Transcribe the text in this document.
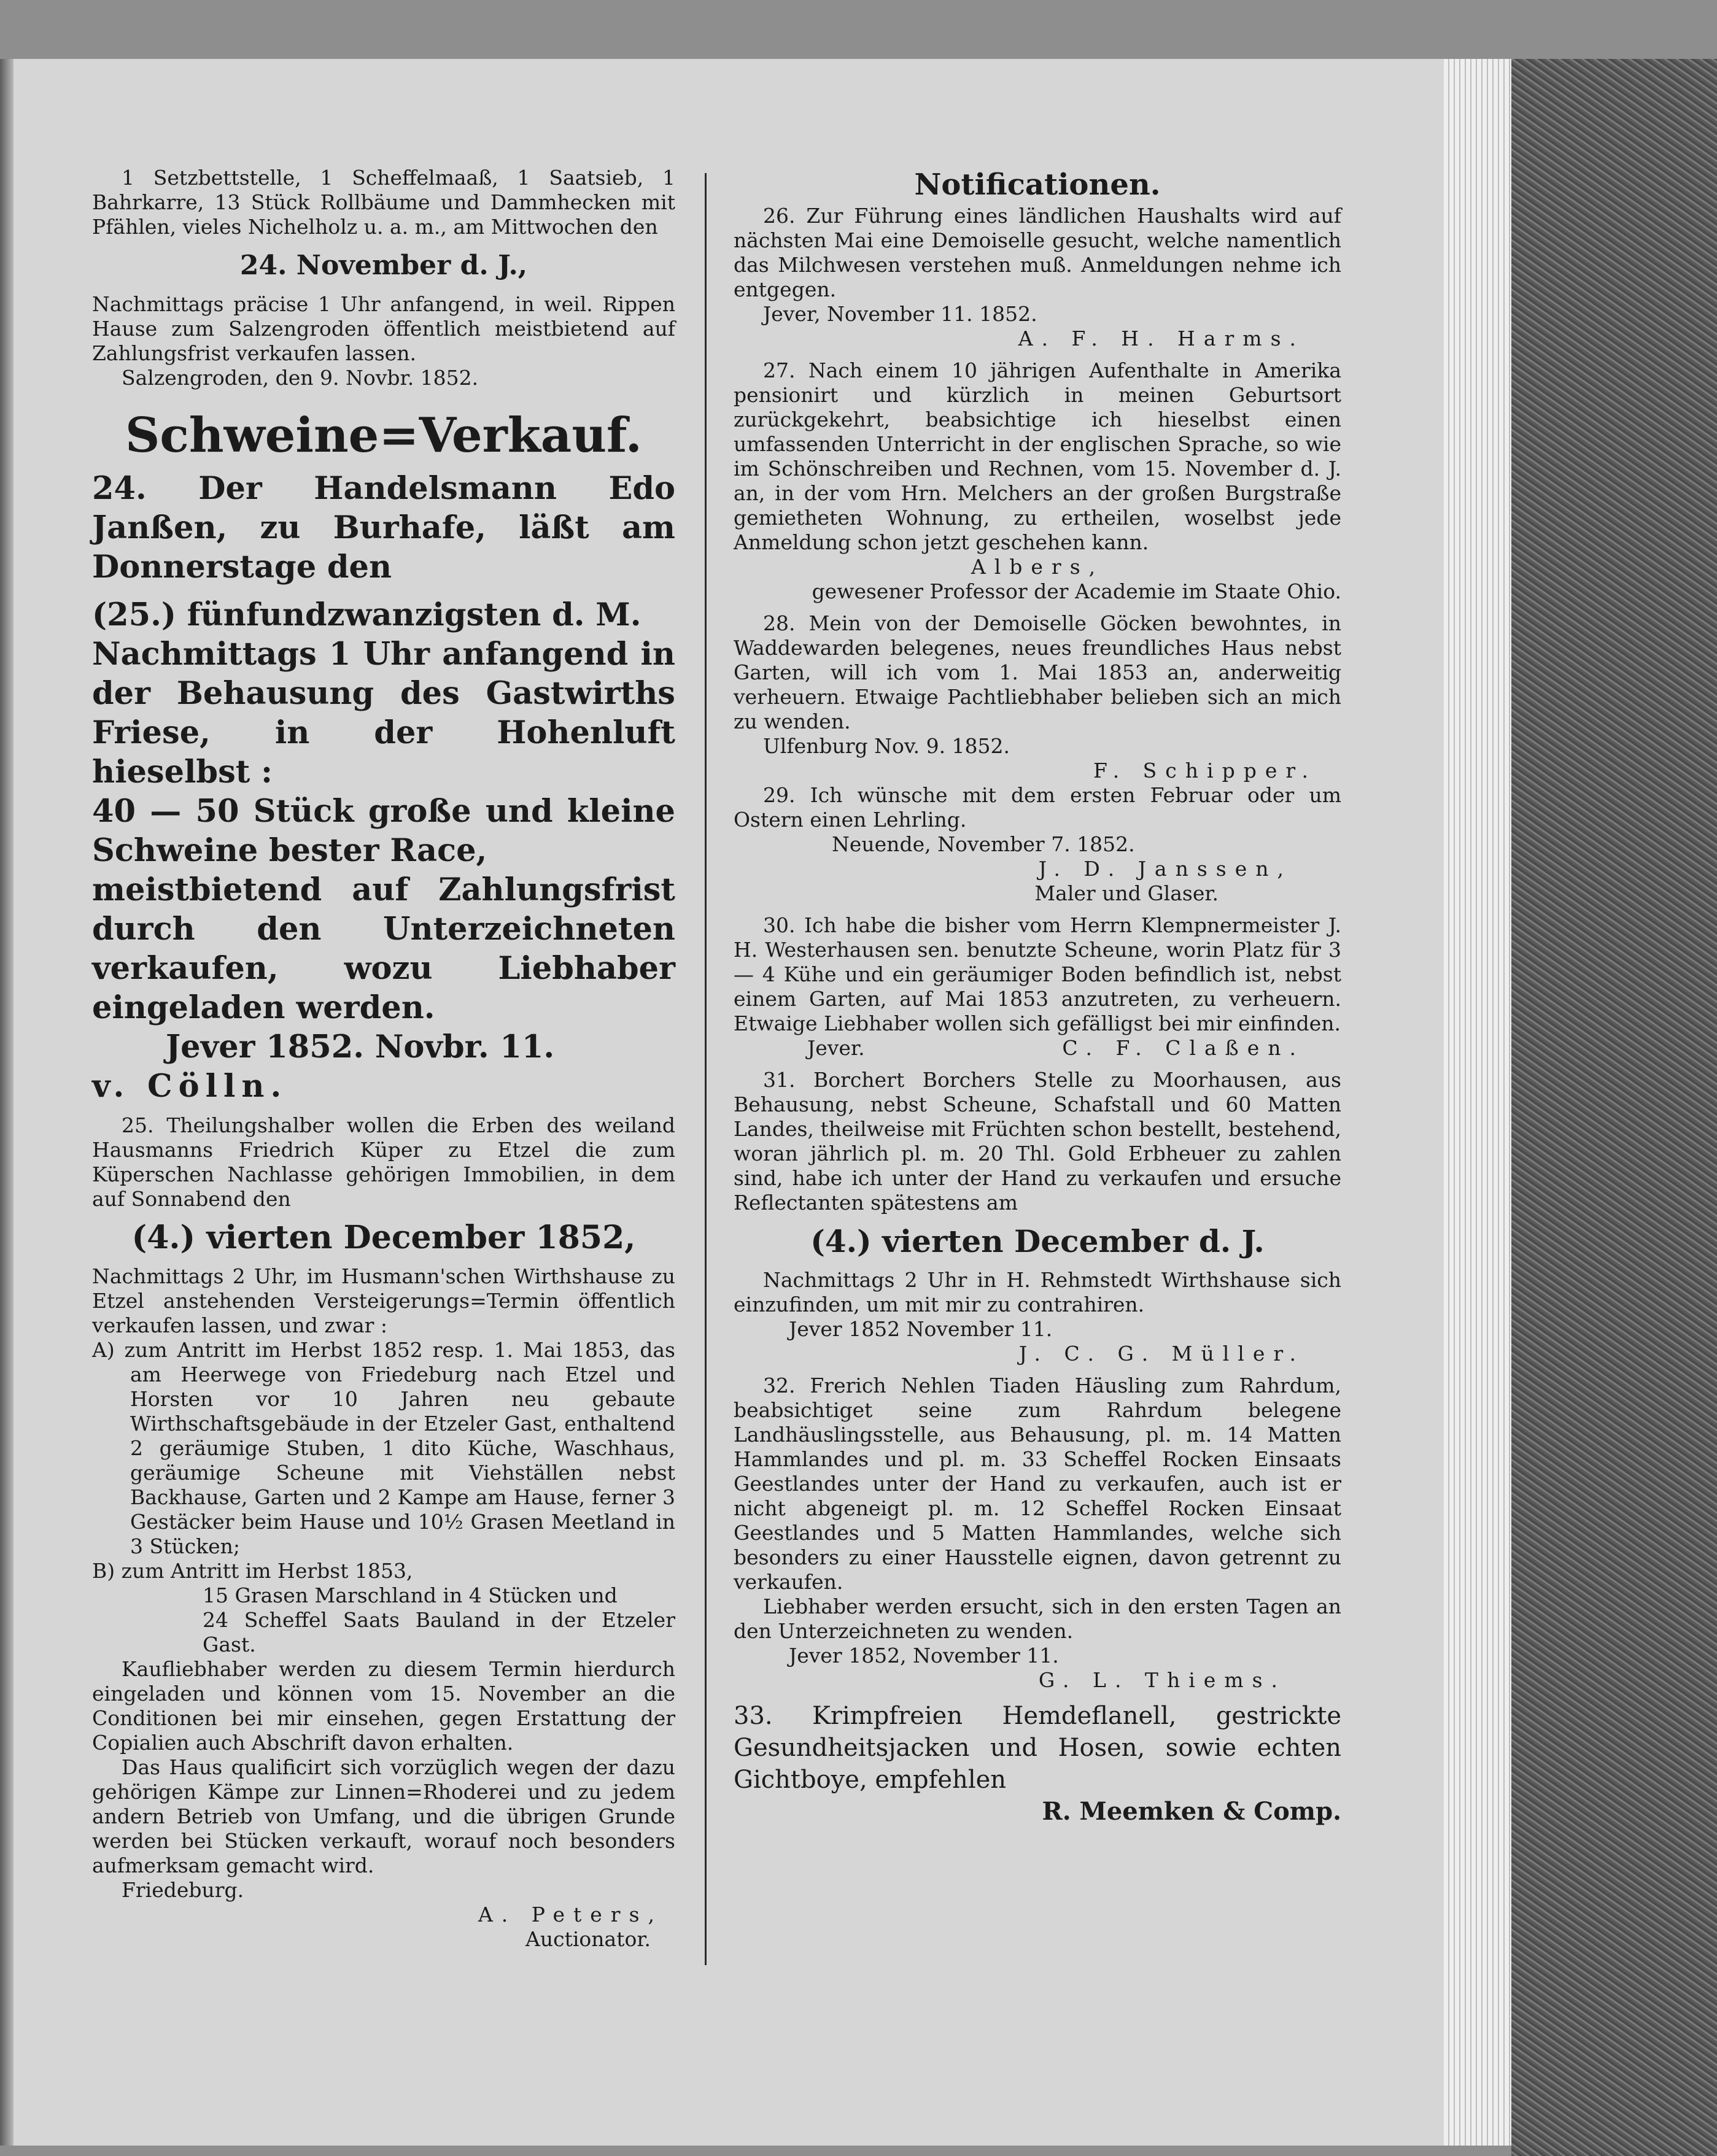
1 Setzbettstelle, 1 Scheffelmaaß, 1 Saatsieb, 1 Bahrkarre, 13 Stück Rollbäume und Dammhecken mit Pfählen, vieles Nichelholz u. a. m., am Mittwochen den

24. November d. J.,

Nachmittags präcise 1 Uhr anfangend, in weil. Rippen Hause zum Salzengroden öffentlich meistbietend auf Zahlungsfrist verkaufen lassen.

Salzengroden, den 9. Novbr. 1852.

Schweine=Verkauf.

24. Der Handelsmann Edo Janßen, zu Burhafe, läßt am Donnerstage den

(25.) fünfundzwanzigsten d. M.

Nachmittags 1 Uhr anfangend in der Behausung des Gastwirths Friese, in der Hohenluft hieselbst :

40 — 50 Stück große und kleine Schweine bester Race,

meistbietend auf Zahlungsfrist durch den Unterzeichneten verkaufen, wozu Liebhaber eingeladen werden.

Jever 1852. Novbr. 11.

v. Cölln.

25. Theilungshalber wollen die Erben des weiland Hausmanns Friedrich Küper zu Etzel die zum Küperschen Nachlasse gehörigen Immobilien, in dem auf Sonnabend den

(4.) vierten December 1852,

Nachmittags 2 Uhr, im Husmann'schen Wirthshause zu Etzel anstehenden Versteigerungs=Termin öffentlich verkaufen lassen, und zwar :

A) zum Antritt im Herbst 1852 resp. 1. Mai 1853, das am Heerwege von Friedeburg nach Etzel und Horsten vor 10 Jahren neu gebaute Wirthschaftsgebäude in der Etzeler Gast, enthaltend 2 geräumige Stuben, 1 dito Küche, Waschhaus, geräumige Scheune mit Viehställen nebst Backhause, Garten und 2 Kampe am Hause, ferner 3 Gestäcker beim Hause und 10½ Grasen Meetland in 3 Stücken;

B) zum Antritt im Herbst 1853,

15 Grasen Marschland in 4 Stücken und

24 Scheffel Saats Bauland in der Etzeler Gast.

Kaufliebhaber werden zu diesem Termin hierdurch eingeladen und können vom 15. November an die Conditionen bei mir einsehen, gegen Erstattung der Copialien auch Abschrift davon erhalten.

Das Haus qualificirt sich vorzüglich wegen der dazu gehörigen Kämpe zur Linnen=Rhoderei und zu jedem andern Betrieb von Umfang, und die übrigen Grunde werden bei Stücken verkauft, worauf noch besonders aufmerksam gemacht wird.

Friedeburg.

A. Peters,

Auctionator.

Notificationen.

26. Zur Führung eines ländlichen Haushalts wird auf nächsten Mai eine Demoiselle gesucht, welche namentlich das Milchwesen verstehen muß. Anmeldungen nehme ich entgegen.

Jever, November 11. 1852.

A. F. H. Harms.

27. Nach einem 10 jährigen Aufenthalte in Amerika pensionirt und kürzlich in meinen Geburtsort zurückgekehrt, beabsichtige ich hieselbst einen umfassenden Unterricht in der englischen Sprache, so wie im Schönschreiben und Rechnen, vom 15. November d. J. an, in der vom Hrn. Melchers an der großen Burgstraße gemietheten Wohnung, zu ertheilen, woselbst jede Anmeldung schon jetzt geschehen kann.

Albers,

gewesener Professor der Academie im Staate Ohio.

28. Mein von der Demoiselle Göcken bewohntes, in Waddewarden belegenes, neues freundliches Haus nebst Garten, will ich vom 1. Mai 1853 an, anderweitig verheuern. Etwaige Pachtliebhaber belieben sich an mich zu wenden.

Ulfenburg Nov. 9. 1852.

F. Schipper.

29. Ich wünsche mit dem ersten Februar oder um Ostern einen Lehrling.

Neuende, November 7. 1852.

J. D. Janssen,

Maler und Glaser.

30. Ich habe die bisher vom Herrn Klempnermeister J. H. Westerhausen sen. benutzte Scheune, worin Platz für 3 — 4 Kühe und ein geräumiger Boden befindlich ist, nebst einem Garten, auf Mai 1853 anzutreten, zu verheuern. Etwaige Liebhaber wollen sich gefälligst bei mir einfinden.

Jever.	C. F. Claßen.

31. Borchert Borchers Stelle zu Moorhausen, aus Behausung, nebst Scheune, Schafstall und 60 Matten Landes, theilweise mit Früchten schon bestellt, bestehend, woran jährlich pl. m. 20 Thl. Gold Erbheuer zu zahlen sind, habe ich unter der Hand zu verkaufen und ersuche Reflectanten spätestens am

(4.) vierten December d. J.

Nachmittags 2 Uhr in H. Rehmstedt Wirthshause sich einzufinden, um mit mir zu contrahiren.

Jever 1852 November 11.

J. C. G. Müller.

32. Frerich Nehlen Tiaden Häusling zum Rahrdum, beabsichtiget seine zum Rahrdum belegene Landhäuslingsstelle, aus Behausung, pl. m. 14 Matten Hammlandes und pl. m. 33 Scheffel Rocken Einsaats Geestlandes unter der Hand zu verkaufen, auch ist er nicht abgeneigt pl. m. 12 Scheffel Rocken Einsaat Geestlandes und 5 Matten Hammlandes, welche sich besonders zu einer Hausstelle eignen, davon getrennt zu verkaufen.

Liebhaber werden ersucht, sich in den ersten Tagen an den Unterzeichneten zu wenden.

Jever 1852, November 11.

G. L. Thiems.

33. Krimpfreien Hemdeflanell, gestrickte Gesundheitsjacken und Hosen, sowie echten Gichtboye, empfehlen

R. Meemken & Comp.
